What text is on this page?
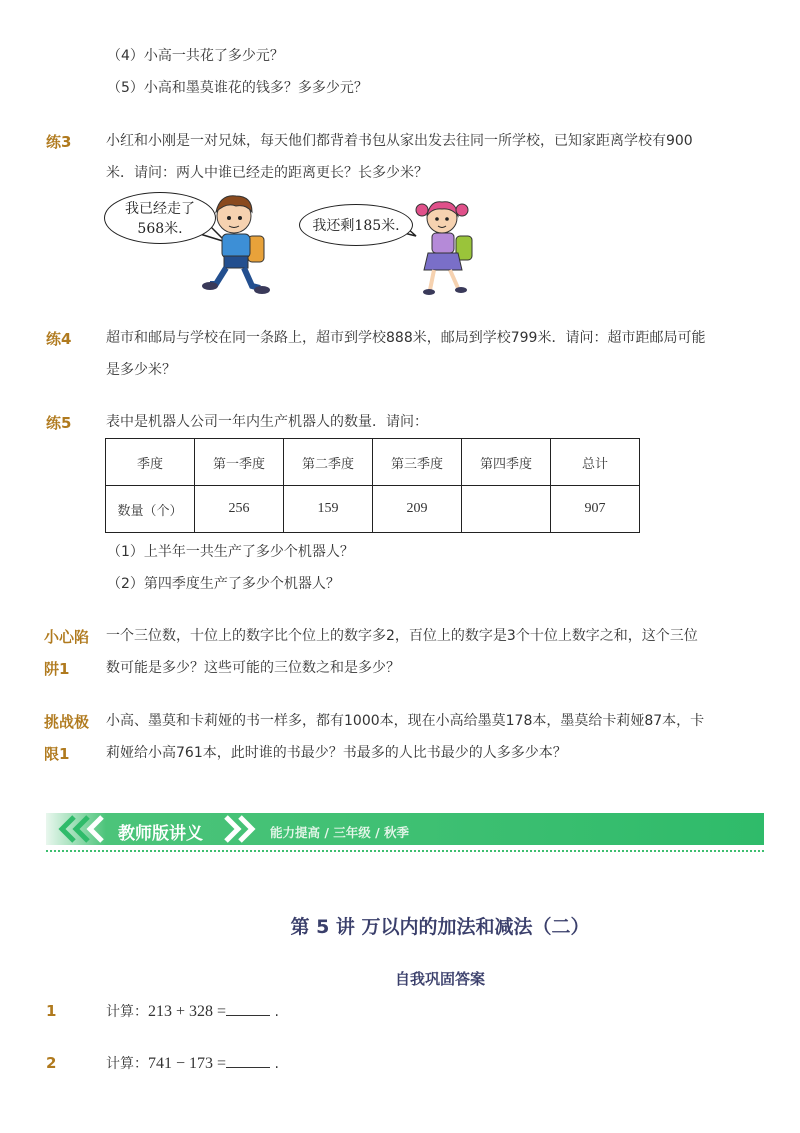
（4）小高一共花了多少元？
（5）小高和墨莫谁花的钱多？多多少元？
练3 小红和小刚是一对兄妹，每天他们都背着书包从家出发去往同一所学校，已知家距离学校有900
米．请问：两人中谁已经走的距离更长？长多少米？
我已经走了
568米.	我还剩185米.
练4 超市和邮局与学校在同一条路上，超市到学校888米，邮局到学校799米．请问：超市距邮局可能
是多少米？
练5 表中是机器人公司一年内生产机器人的数量．请问：
季度	第一季度	第二季度	第三季度	第四季度	总计
数量（个）	256	159	209		907
（1）上半年一共生产了多少个机器人？
（2）第四季度生产了多少个机器人？
小心陷
阱1
一个三位数，十位上的数字比个位上的数字多2，百位上的数字是3个十位上数字之和，这个三位
数可能是多少？这些可能的三位数之和是多少？
挑战极
限1
小高、墨莫和卡莉娅的书一样多，都有1000本，现在小高给墨莫178本，墨莫给卡莉娅87本，卡
莉娅给小高761本，此时谁的书最少？书最多的人比书最少的人多多少本？
教师版讲义	能力提高 / 三年级 / 秋季
第 5 讲 万以内的加法和减法（二）
自我巩固答案
1	计算：213 + 328 =	.
2	计算：741 − 173 =	.
